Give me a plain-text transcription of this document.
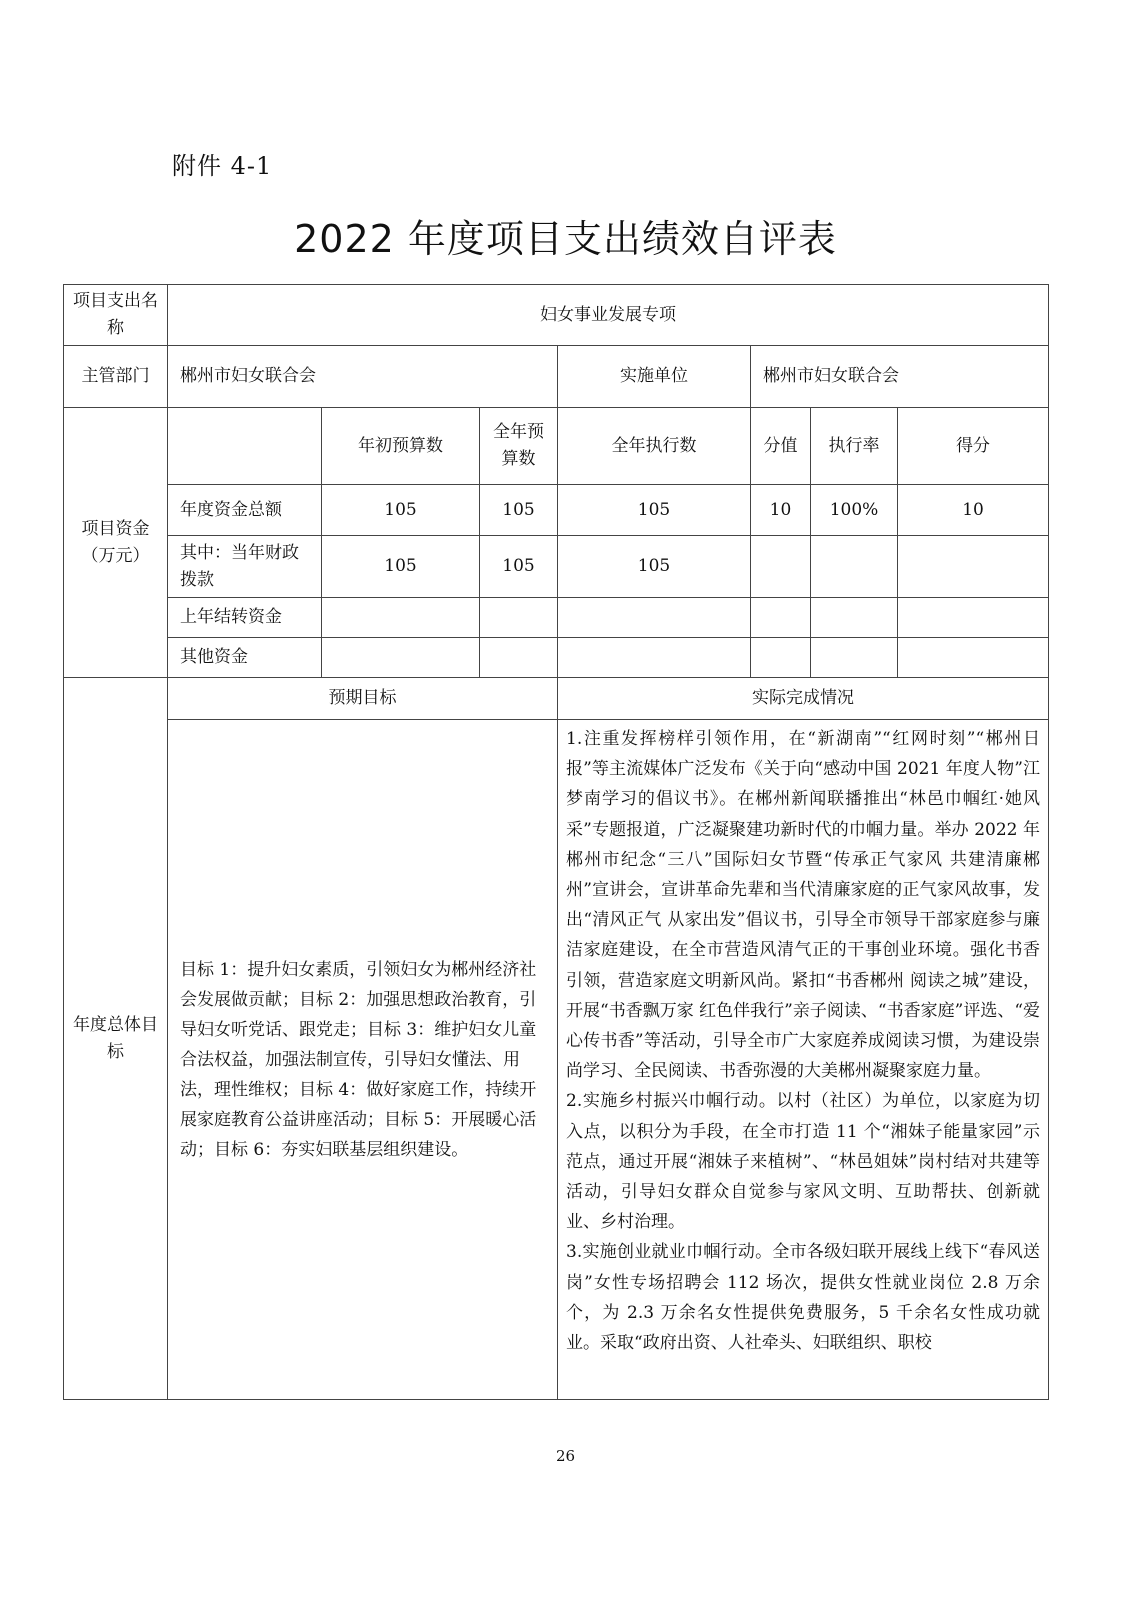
附件 4-1
2022 年度项目支出绩效自评表
项目支出名称	妇女事业发展专项						
主管部门	郴州市妇女联合会			实施单位	郴州市妇女联合会		
项目资金（万元）		年初预算数	全年预算数	全年执行数	分值	执行率	得分
	年度资金总额	105	105	105	10	100%	10
	其中：当年财政拨款	105	105	105			
	上年结转资金						
	其他资金						
年度总体目标	预期目标			实际完成情况			
	目标 1：提升妇女素质，引领妇女为郴州经济社会发展做贡献；目标 2：加强思想政治教育，引导妇女听党话、跟党走；目标 3：维护妇女儿童合法权益，加强法制宣传，引导妇女懂法、用法，理性维权；目标 4：做好家庭工作，持续开展家庭教育公益讲座活动；目标 5：开展暖心活动；目标 6：夯实妇联基层组织建设。			1.注重发挥榜样引领作用，在“新湖南”“红网时刻”“郴州日报”等主流媒体广泛发布《关于向“感动中国 2021 年度人物”江梦南学习的倡议书》。在郴州新闻联播推出“林邑巾帼红·她风采”专题报道，广泛凝聚建功新时代的巾帼力量。举办 2022 年郴州市纪念“三八”国际妇女节暨“传承正气家风 共建清廉郴州”宣讲会，宣讲革命先辈和当代清廉家庭的正气家风故事，发出“清风正气 从家出发”倡议书，引导全市领导干部家庭参与廉洁家庭建设，在全市营造风清气正的干事创业环境。强化书香引领，营造家庭文明新风尚。紧扣“书香郴州 阅读之城”建设，开展“书香飘万家 红色伴我行”亲子阅读、“书香家庭”评选、“爱心传书香”等活动，引导全市广大家庭养成阅读习惯，为建设崇尚学习、全民阅读、书香弥漫的大美郴州凝聚家庭力量。

2.实施乡村振兴巾帼行动。以村（社区）为单位，以家庭为切入点，以积分为手段，在全市打造 11 个“湘妹子能量家园”示范点，通过开展“湘妹子来植树”、“林邑姐妹”岗村结对共建等活动，引导妇女群众自觉参与家风文明、互助帮扶、创新就业、乡村治理。

3.实施创业就业巾帼行动。全市各级妇联开展线上线下“春风送岗”女性专场招聘会 112 场次，提供女性就业岗位 2.8 万余个，为 2.3 万余名女性提供免费服务，5 千余名女性成功就业。采取“政府出资、人社牵头、妇联组织、职校			

26
